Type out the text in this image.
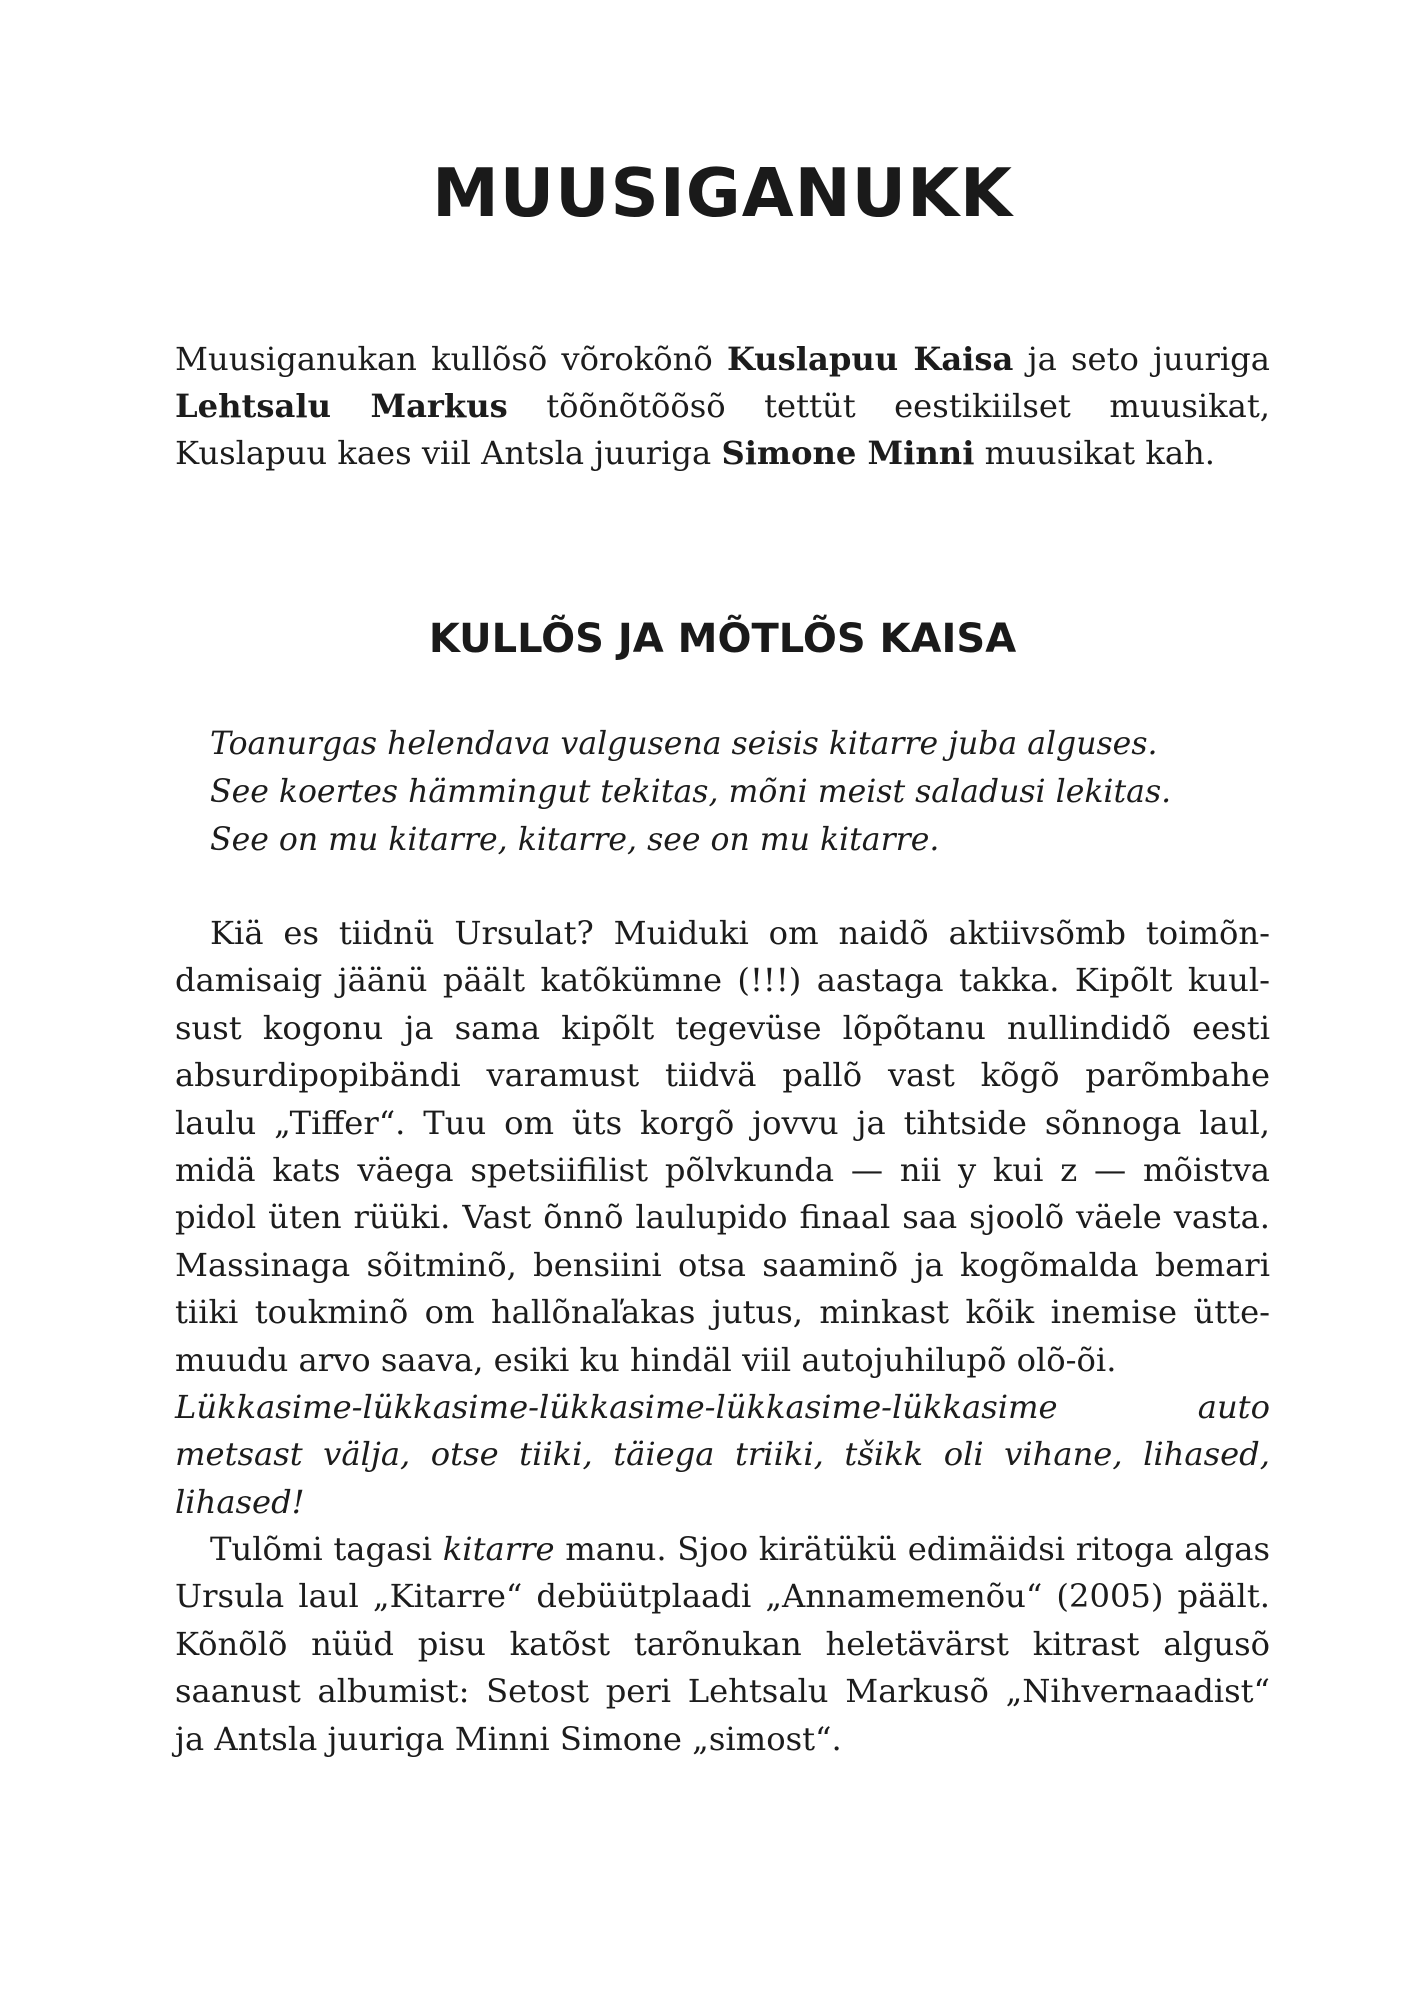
MUUSIGANUKK

Muusiganukan kullõsõ võrokõnõ Kuslapuu Kaisa ja seto juuriga Lehtsalu Markus tõõnõtõõsõ tettüt eestikiilset muusikat, Kuslapuu kaes viil Antsla juuriga Simone Minni muusikat kah.

KULLÕS JA MÕTLÕS KAISA
Toanurgas helendava valgusena seisis kitarre juba alguses.
See koertes hämmingut tekitas, mõni meist saladusi lekitas.
See on mu kitarre, kitarre, see on mu kitarre.
Kiä es tiidnü Ursulat? Muiduki om naidõ aktiivsõmb toimõn-
damisaig jäänü päält katõkümne (!!!) aastaga takka. Kipõlt kuul-
sust kogonu ja sama kipõlt tegevüse lõpõtanu nullindidõ eesti
absurdipopibändi varamust tiidvä pallõ vast kõgõ parõmbahe
laulu „Tiffer“. Tuu om üts korgõ jovvu ja tihtside sõnnoga laul,
midä kats väega spetsiifilist põlvkunda — nii y kui z — mõistva
pidol üten rüüki. Vast õnnõ laulupido finaal saa sjoolõ väele vasta.
Massinaga sõitminõ, bensiini otsa saaminõ ja kogõmalda bemari
tiiki toukminõ om hallõnaľakas jutus, minkast kõik inemise ütte-
muudu arvo saava, esiki ku hindäl viil autojuhilupõ olõ-õi.
Lükkasime-lükkasime-lükkasime-lükkasime-lükkasime auto
metsast välja, otse tiiki, täiega triiki, tšikk oli vihane, lihased,
lihased!
Tulõmi tagasi kitarre manu. Sjoo kirätükü edimäidsi ritoga algas
Ursula laul „Kitarre“ debüütplaadi „Annamemenõu“ (2005) päält.
Kõnõlõ nüüd pisu katõst tarõnukan heletävärst kitrast algusõ
saanust albumist: Setost peri Lehtsalu Markusõ „Nihvernaadist“
ja Antsla juuriga Minni Simone „simost“.
